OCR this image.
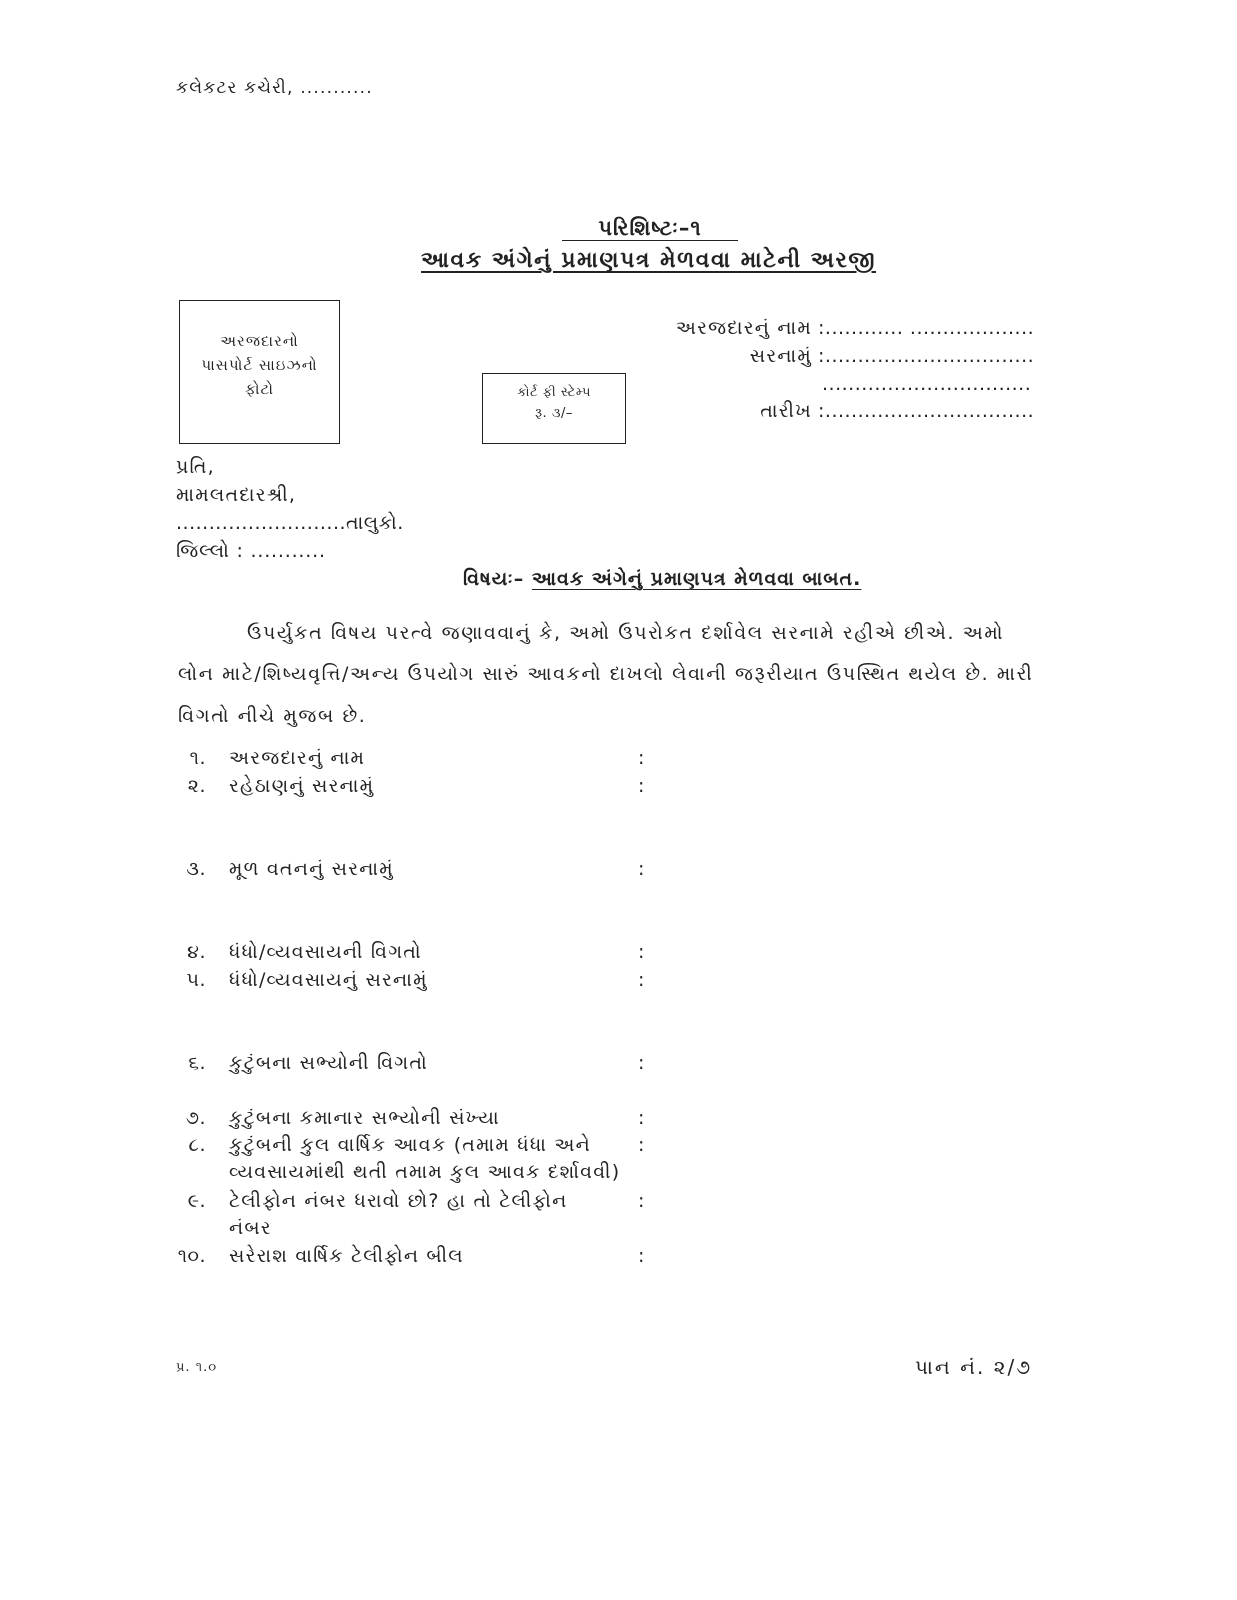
કલેકટર કચેરી, ...........
પરિશિષ્ટઃ–૧
આવક અંગેનું પ્રમાણપત્ર મેળવવા માટેની અરજી
અરજદારનો
પાસપોર્ટ સાઇઝનો
ફોટો	કોર્ટ ફી સ્ટેમ્પ
રૂ. ૩/–
અરજદારનું નામ :............ ...................
સરનામું :................................
................................
તારીખ :................................
પ્રતિ,
મામલતદારશ્રી,
..........................તાલુકો.
જિલ્લો : ...........
વિષયઃ– આવક અંગેનું પ્રમાણપત્ર મેળવવા બાબત.
ઉપર્યુકત વિષય પરત્વે જણાવવાનું કે, અમો ઉપરોકત દર્શાવેલ સરનામે રહીએ છીએ. અમો
લોન માટે/શિષ્યવૃત્તિ/અન્ય ઉપયોગ સારું આવકનો દાખલો લેવાની જરૂરીયાત ઉપસ્થિત થયેલ છે. મારી
વિગતો નીચે મુજબ છે.
૧. અરજદારનું નામ	:
૨. રહેઠાણનું સરનામું	:
૩. મૂળ વતનનું સરનામું	:
૪. ધંધો/વ્યવસાયની વિગતો	:
૫. ધંધો/વ્યવસાયનું સરનામું	:
૬. કુટુંબના સભ્યોની વિગતો	:
૭. કુટુંબના કમાનાર સભ્યોની સંખ્યા	:
૮. કુટુંબની કુલ વાર્ષિક આવક (તમામ ધંધા અને
વ્યવસાયમાંથી થતી તમામ કુલ આવક દર્શાવવી)
:
૯. ટેલીફોન નંબર ધરાવો છો? હા તો ટેલીફોન
નંબર
:
૧૦. સરેરાશ વાર્ષિક ટેલીફોન બીલ	:
પ્ર. ૧.૦	પાન નં. ૨/૭
